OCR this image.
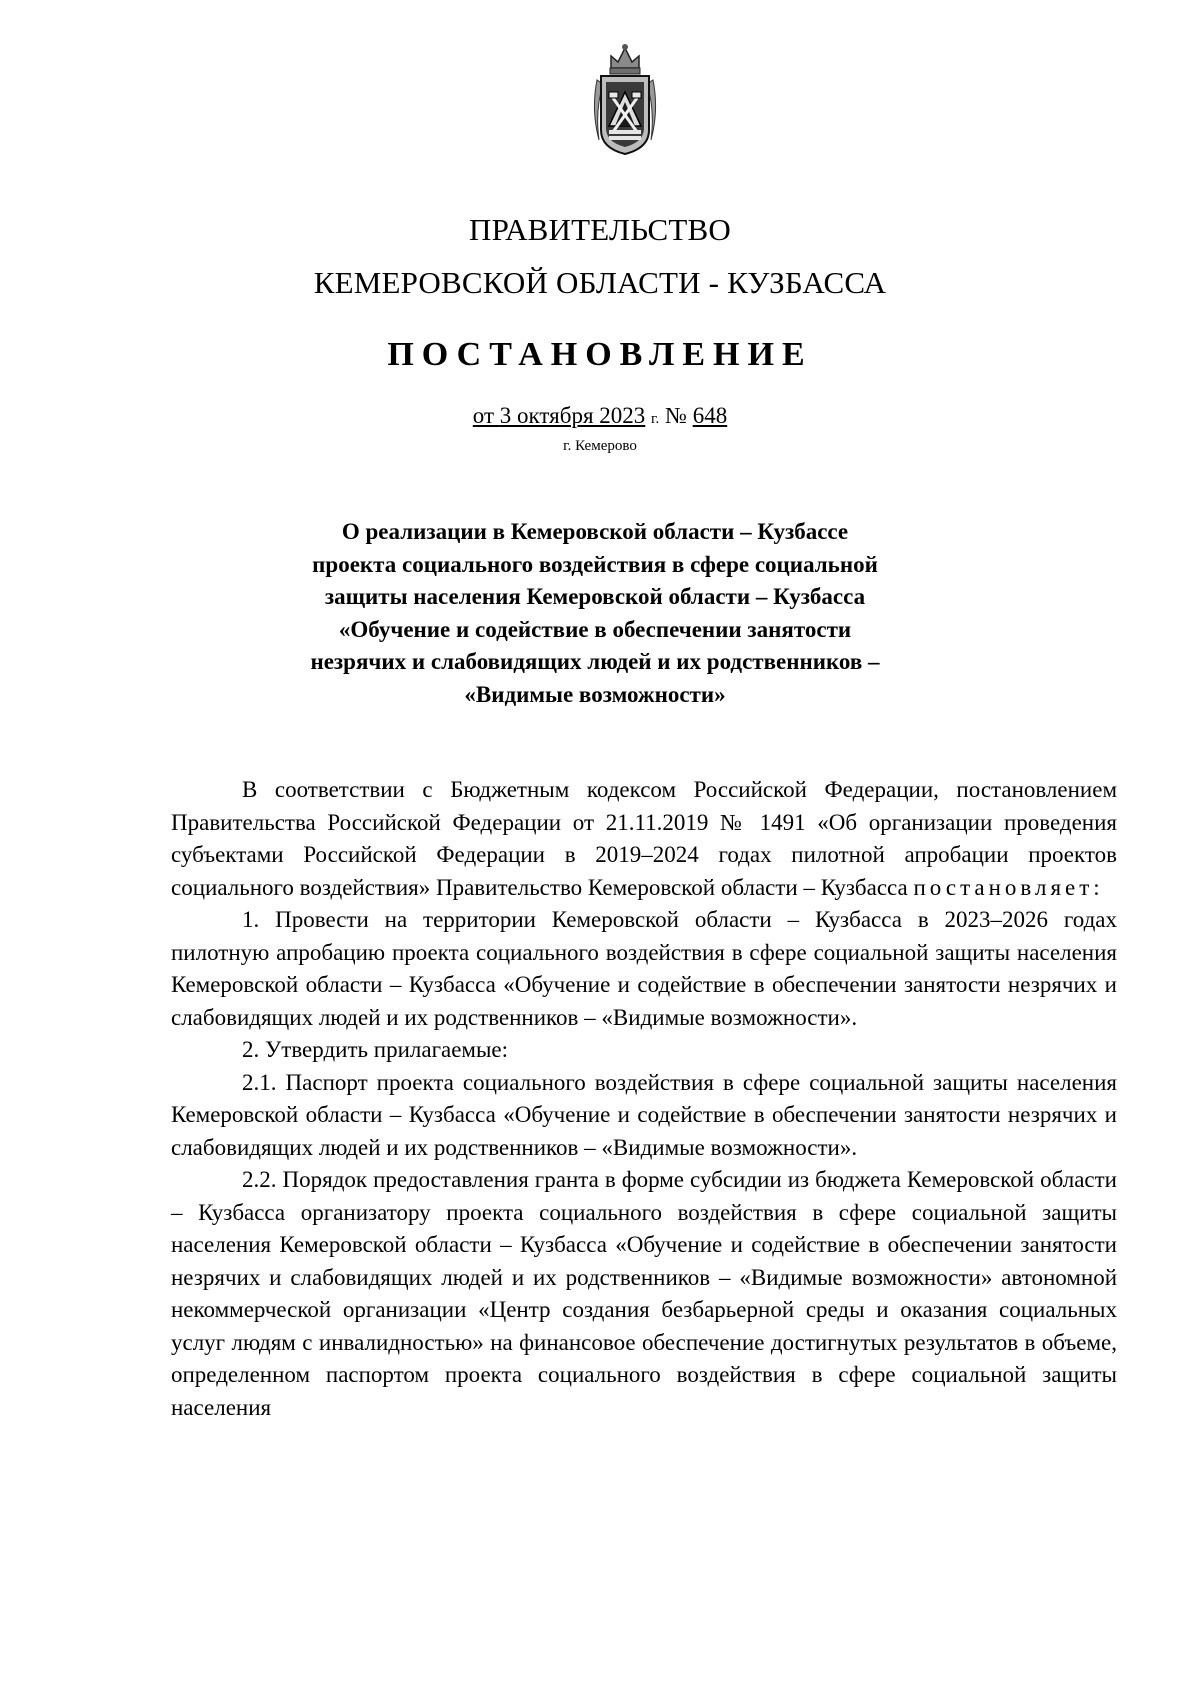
ПРАВИТЕЛЬСТВО
КЕМЕРОВСКОЙ ОБЛАСТИ - КУЗБАССА
ПОСТАНОВЛЕНИЕ
от 3 октября 2023 г. № 648
г. Кемерово
О реализации в Кемеровской области – Кузбассе
проекта социального воздействия в сфере социальной
защиты населения Кемеровской области – Кузбасса
«Обучение и содействие в обеспечении занятости
незрячих и слабовидящих людей и их родственников –
«Видимые возможности»

В соответствии с Бюджетным кодексом Российской Федерации, постановлением Правительства Российской Федерации от 21.11.2019 № 1491 «Об организации проведения субъектами Российской Федерации в 2019–2024 годах пилотной апробации проектов социального воздействия» Правительство Кемеровской области – Кузбасса постановляет:

1. Провести на территории Кемеровской области – Кузбасса в 2023–2026 годах пилотную апробацию проекта социального воздействия в сфере социальной защиты населения Кемеровской области – Кузбасса «Обучение и содействие в обеспечении занятости незрячих и слабовидящих людей и их родственников – «Видимые возможности».

2. Утвердить прилагаемые:

2.1. Паспорт проекта социального воздействия в сфере социальной защиты населения Кемеровской области – Кузбасса «Обучение и содействие в обеспечении занятости незрячих и слабовидящих людей и их родственников – «Видимые возможности».

2.2. Порядок предоставления гранта в форме субсидии из бюджета Кемеровской области – Кузбасса организатору проекта социального воздействия в сфере социальной защиты населения Кемеровской области – Кузбасса «Обучение и содействие в обеспечении занятости незрячих и слабовидящих людей и их родственников – «Видимые возможности» автономной некоммерческой организации «Центр создания безбарьерной среды и оказания социальных услуг людям с инвалидностью» на финансовое обеспечение достигнутых результатов в объеме, определенном паспортом проекта социального воздействия в сфере социальной защиты населения
